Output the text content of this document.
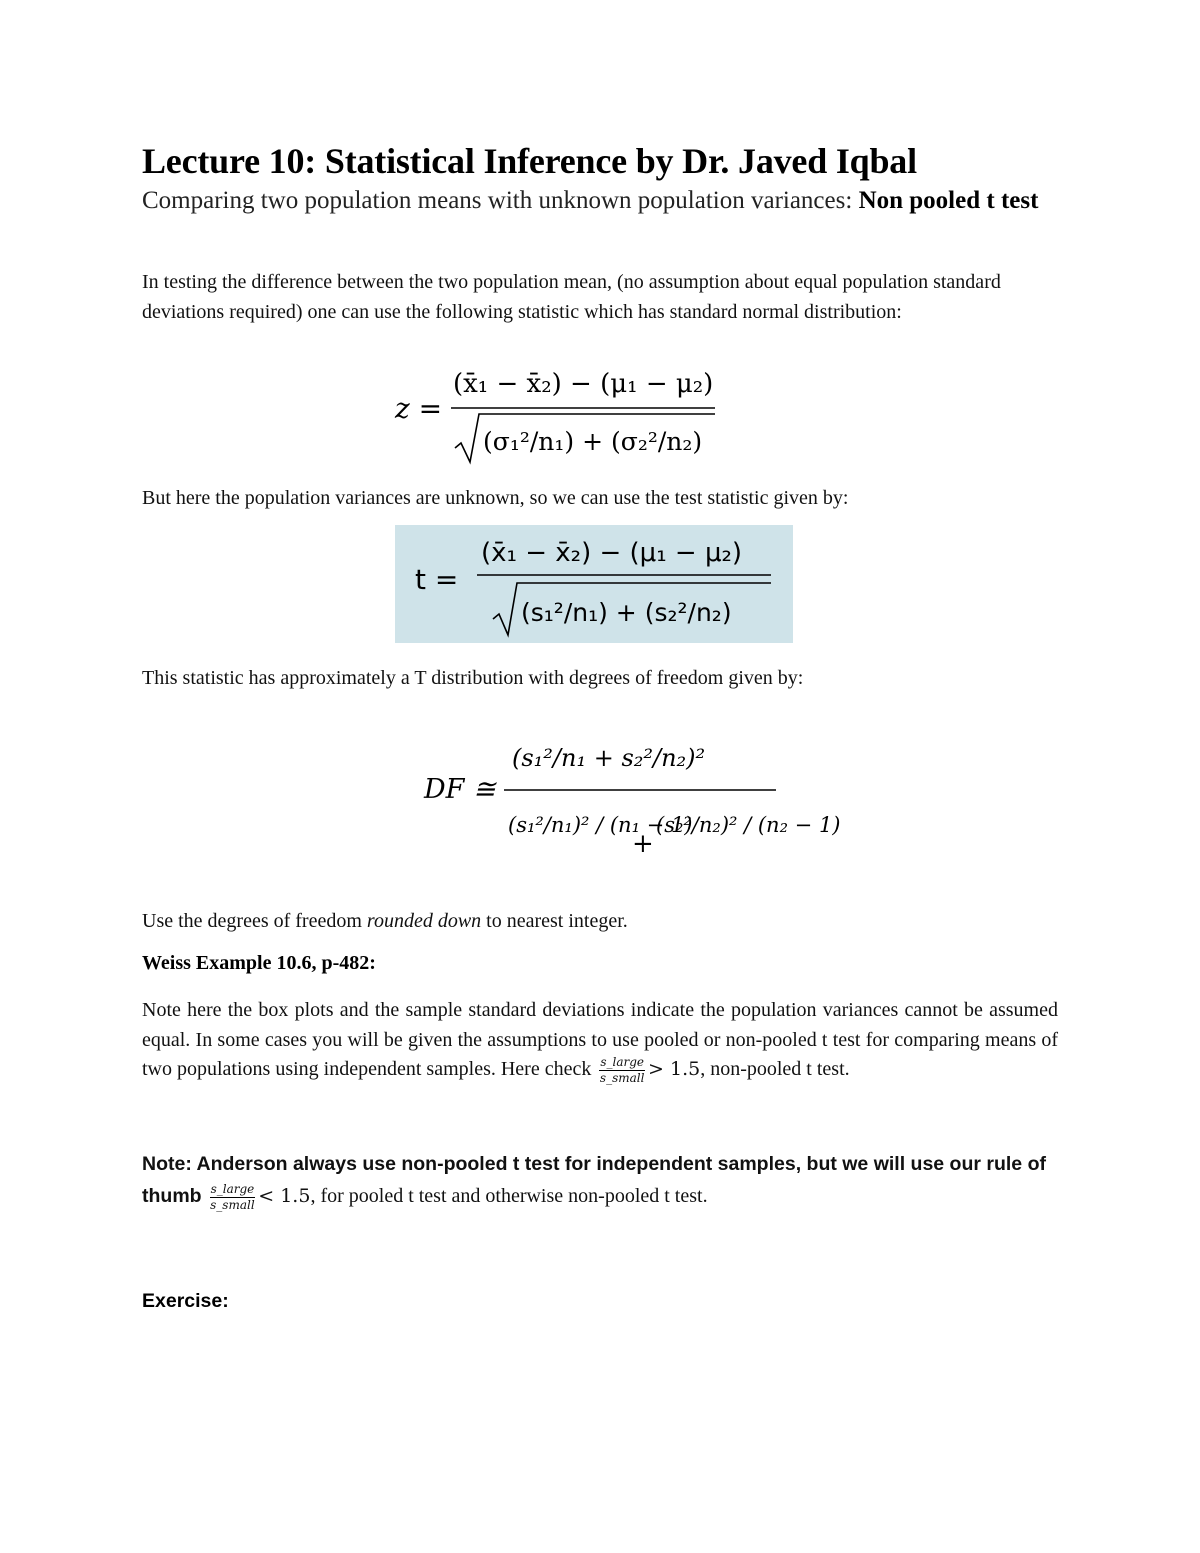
Lecture 10: Statistical Inference by Dr. Javed Iqbal
Comparing two population means with unknown population variances: Non pooled t test
In testing the difference between the two population mean, (no assumption about equal population standard deviations required) one can use the following statistic which has standard normal distribution:
z =
(x̄₁ − x̄₂) − (μ₁ − μ₂)
(σ₁²/n₁) + (σ₂²/n₂)
But here the population variances are unknown, so we can use the test statistic given by:
t =
(x̄₁ − x̄₂) − (μ₁ − μ₂)
(s₁²/n₁) + (s₂²/n₂)
This statistic has approximately a T distribution with degrees of freedom given by:
DF ≅
(s₁²/n₁ + s₂²/n₂)²
(s₁²/n₁)² / (n₁ − 1)
+
(s₂²/n₂)² / (n₂ − 1)
Use the degrees of freedom rounded down to nearest integer.
Weiss Example 10.6, p-482:
Note here the box plots and the sample standard deviations indicate the population variances cannot be assumed equal. In some cases you will be given the assumptions to use pooled or non-pooled t test for comparing means of two populations using independent samples. Here check $\frac{\text{s\_large}}{\text{s\_small}} > 1.5$, non-pooled t test.
Note: Anderson always use non-pooled t test for independent samples, but we will use our rule of thumb $\frac{\text{s\_large}}{\text{s\_small}} < 1.5$, for pooled t test and otherwise non-pooled t test.
Exercise:
